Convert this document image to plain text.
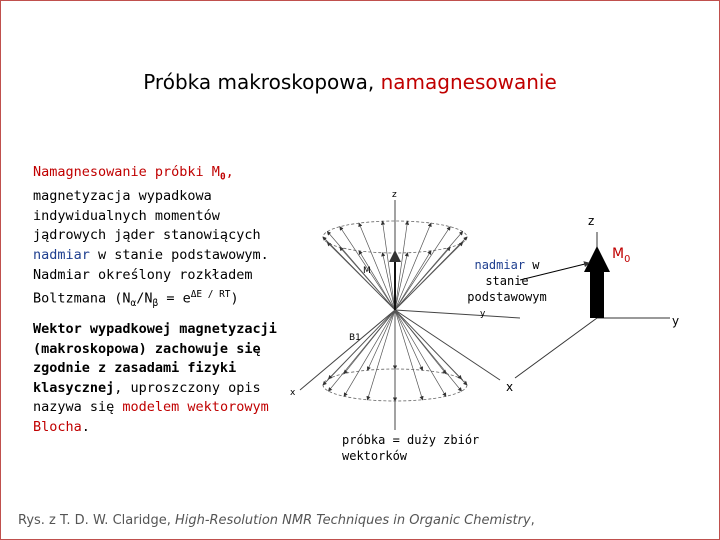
Próbka makroskopowa, namagnesowanie
Namagnesowanie próbki $M_0$,
magnetyzacja wypadkowa indywidualnych momentów jądrowych jąder stanowiących nadmiar w stanie podstawowym. Nadmiar określony rozkładem Boltzmana $(N_\alpha/N_\beta = e^{\Delta E / RT})$
Wektor wypadkowej magnetyzacji (makroskopowa) zachowuje się zgodnie z zasadami fizyki klasycznej, uproszczony opis nazywa się modelem wektorowym Blocha.
z
y
x
M
B1
z
y
x
$M_0$
nadmiar w stanie podstawowym
próbka = duży zbiór wektorków
Rys. z T. D. W. Claridge, High-Resolution NMR Techniques in Organic Chemistry,
